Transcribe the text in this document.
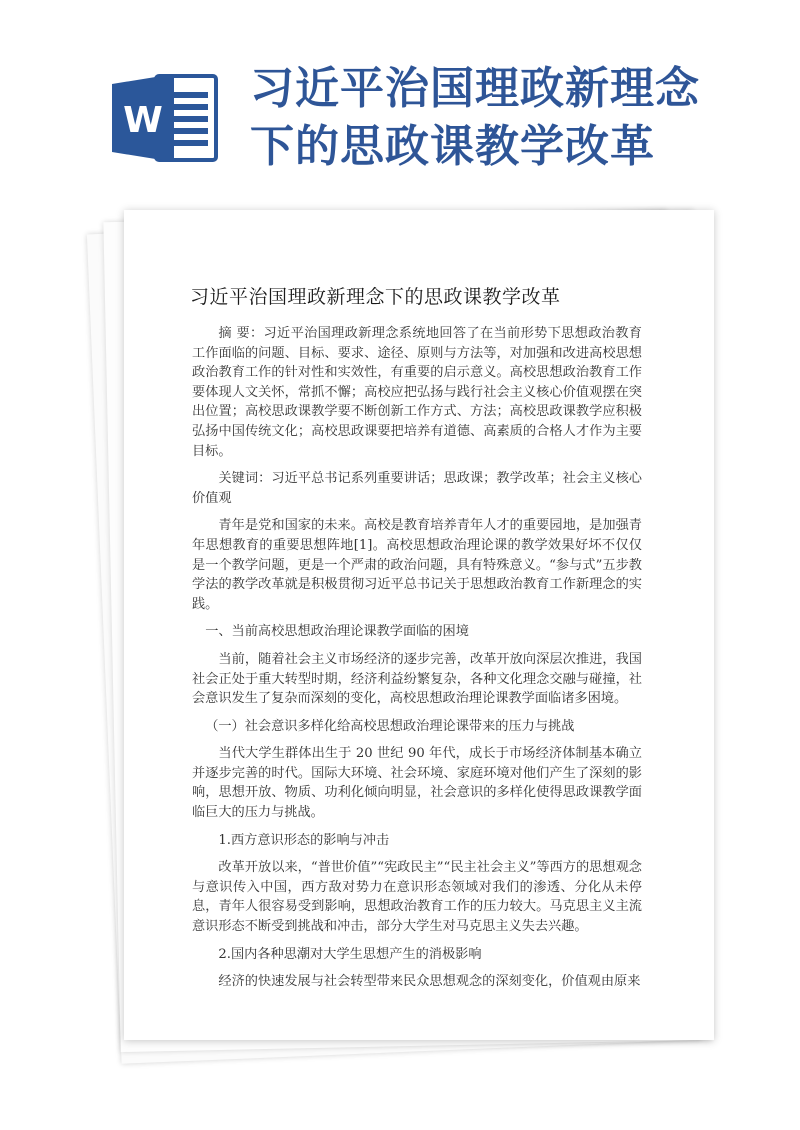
W
习近平治国理政新理念
下的思政课教学改革
习近平治国理政新理念下的思政课教学改革

摘 要：习近平治国理政新理念系统地回答了在当前形势下思想政治教育工作面临的问题、目标、要求、途径、原则与方法等，对加强和改进高校思想政治教育工作的针对性和实效性，有重要的启示意义。高校思想政治教育工作要体现人文关怀，常抓不懈；高校应把弘扬与践行社会主义核心价值观摆在突出位置；高校思政课教学要不断创新工作方式、方法；高校思政课教学应积极弘扬中国传统文化；高校思政课要把培养有道德、高素质的合格人才作为主要目标。

关键词：习近平总书记系列重要讲话；思政课；教学改革；社会主义核心价值观

青年是党和国家的未来。高校是教育培养青年人才的重要园地，是加强青年思想教育的重要思想阵地[1]。高校思想政治理论课的教学效果好坏不仅仅是一个教学问题，更是一个严肃的政治问题，具有特殊意义。“参与式”五步教学法的教学改革就是积极贯彻习近平总书记关于思想政治教育工作新理念的实践。

一、当前高校思想政治理论课教学面临的困境

当前，随着社会主义市场经济的逐步完善，改革开放向深层次推进，我国社会正处于重大转型时期，经济利益纷繁复杂，各种文化理念交融与碰撞，社会意识发生了复杂而深刻的变化，高校思想政治理论课教学面临诸多困境。

（一）社会意识多样化给高校思想政治理论课带来的压力与挑战

当代大学生群体出生于 20 世纪 90 年代，成长于市场经济体制基本确立并逐步完善的时代。国际大环境、社会环境、家庭环境对他们产生了深刻的影响，思想开放、物质、功利化倾向明显，社会意识的多样化使得思政课教学面临巨大的压力与挑战。

1.西方意识形态的影响与冲击

改革开放以来，“普世价值”“宪政民主”“民主社会主义”等西方的思想观念与意识传入中国，西方敌对势力在意识形态领域对我们的渗透、分化从未停息，青年人很容易受到影响，思想政治教育工作的压力较大。马克思主义主流意识形态不断受到挑战和冲击，部分大学生对马克思主义失去兴趣。

2.国内各种思潮对大学生思想产生的消极影响

经济的快速发展与社会转型带来民众思想观念的深刻变化，价值观由原来
